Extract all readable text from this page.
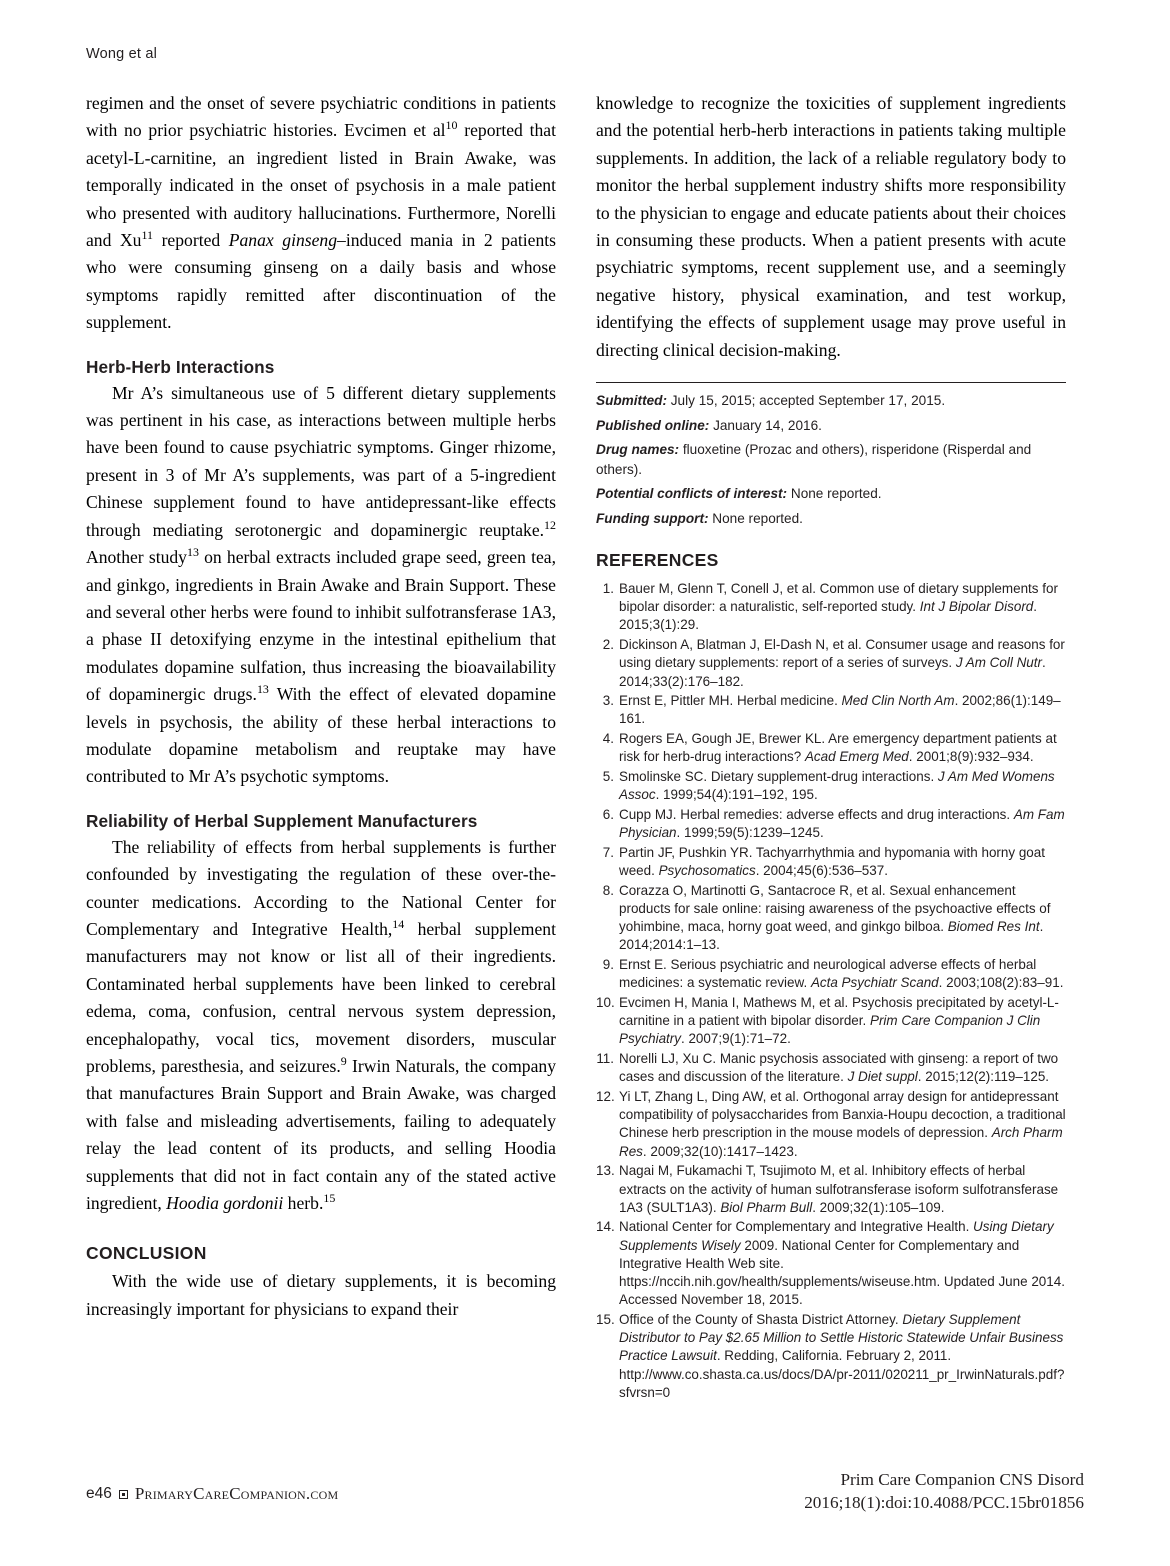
Wong et al

regimen and the onset of severe psychiatric conditions in patients with no prior psychiatric histories. Evcimen et $al^{10}$ reported that acetyl-L-carnitine, an ingredient listed in Brain Awake, was temporally indicated in the onset of psychosis in a male patient who presented with auditory hallucinations. Furthermore, Norelli and Xu$^{11}$ reported Panax ginseng–induced mania in 2 patients who were consuming ginseng on a daily basis and whose symptoms rapidly remitted after discontinuation of the supplement.

Herb-Herb Interactions

Mr A’s simultaneous use of 5 different dietary supplements was pertinent in his case, as interactions between multiple herbs have been found to cause psychiatric symptoms. Ginger rhizome, present in 3 of Mr A’s supplements, was part of a 5-ingredient Chinese supplement found to have antidepressant-like effects through mediating serotonergic and dopaminergic reuptake.$^{12}$ Another study$^{13}$ on herbal extracts included grape seed, green tea, and ginkgo, ingredients in Brain Awake and Brain Support. These and several other herbs were found to inhibit sulfotransferase 1A3, a phase II detoxifying enzyme in the intestinal epithelium that modulates dopamine sulfation, thus increasing the bioavailability of dopaminergic drugs.$^{13}$ With the effect of elevated dopamine levels in psychosis, the ability of these herbal interactions to modulate dopamine metabolism and reuptake may have contributed to Mr A’s psychotic symptoms.

Reliability of Herbal Supplement Manufacturers

The reliability of effects from herbal supplements is further confounded by investigating the regulation of these over-the-counter medications. According to the National Center for Complementary and Integrative Health,$^{14}$ herbal supplement manufacturers may not know or list all of their ingredients. Contaminated herbal supplements have been linked to cerebral edema, coma, confusion, central nervous system depression, encephalopathy, vocal tics, movement disorders, muscular problems, paresthesia, and seizures.$^9$ Irwin Naturals, the company that manufactures Brain Support and Brain Awake, was charged with false and misleading advertisements, failing to adequately relay the lead content of its products, and selling Hoodia supplements that did not in fact contain any of the stated active ingredient, Hoodia gordonii herb.$^{15}$

CONCLUSION

With the wide use of dietary supplements, it is becoming increasingly important for physicians to expand their

knowledge to recognize the toxicities of supplement ingredients and the potential herb-herb interactions in patients taking multiple supplements. In addition, the lack of a reliable regulatory body to monitor the herbal supplement industry shifts more responsibility to the physician to engage and educate patients about their choices in consuming these products. When a patient presents with acute psychiatric symptoms, recent supplement use, and a seemingly negative history, physical examination, and test workup, identifying the effects of supplement usage may prove useful in directing clinical decision-making.

Submitted: July 15, 2015; accepted September 17, 2015.

Published online: January 14, 2016.

Drug names: fluoxetine (Prozac and others), risperidone (Risperdal and others).

Potential conflicts of interest: None reported.

Funding support: None reported.

REFERENCES
1. Bauer M, Glenn T, Conell J, et al. Common use of dietary supplements for bipolar disorder: a naturalistic, self-reported study. Int J Bipolar Disord. 2015;3(1):29.
2. Dickinson A, Blatman J, El-Dash N, et al. Consumer usage and reasons for using dietary supplements: report of a series of surveys. J Am Coll Nutr. 2014;33(2):176–182.
3. Ernst E, Pittler MH. Herbal medicine. Med Clin North Am. 2002;86(1):149–161.
4. Rogers EA, Gough JE, Brewer KL. Are emergency department patients at risk for herb-drug interactions? Acad Emerg Med. 2001;8(9):932–934.
5. Smolinske SC. Dietary supplement-drug interactions. J Am Med Womens Assoc. 1999;54(4):191–192, 195.
6. Cupp MJ. Herbal remedies: adverse effects and drug interactions. Am Fam Physician. 1999;59(5):1239–1245.
7. Partin JF, Pushkin YR. Tachyarrhythmia and hypomania with horny goat weed. Psychosomatics. 2004;45(6):536–537.
8. Corazza O, Martinotti G, Santacroce R, et al. Sexual enhancement products for sale online: raising awareness of the psychoactive effects of yohimbine, maca, horny goat weed, and ginkgo bilboa. Biomed Res Int. 2014;2014:1–13.
9. Ernst E. Serious psychiatric and neurological adverse effects of herbal medicines: a systematic review. Acta Psychiatr Scand. 2003;108(2):83–91.
10. Evcimen H, Mania I, Mathews M, et al. Psychosis precipitated by acetyl-L-carnitine in a patient with bipolar disorder. Prim Care Companion J Clin Psychiatry. 2007;9(1):71–72.
11. Norelli LJ, Xu C. Manic psychosis associated with ginseng: a report of two cases and discussion of the literature. J Diet suppl. 2015;12(2):119–125.
12. Yi LT, Zhang L, Ding AW, et al. Orthogonal array design for antidepressant compatibility of polysaccharides from Banxia-Houpu decoction, a traditional Chinese herb prescription in the mouse models of depression. Arch Pharm Res. 2009;32(10):1417–1423.
13. Nagai M, Fukamachi T, Tsujimoto M, et al. Inhibitory effects of herbal extracts on the activity of human sulfotransferase isoform sulfotransferase 1A3 (SULT1A3). Biol Pharm Bull. 2009;32(1):105–109.
14. National Center for Complementary and Integrative Health. Using Dietary Supplements Wisely 2009. National Center for Complementary and Integrative Health Web site. https://nccih.nih.gov/health/supplements/wiseuse.htm. Updated June 2014. Accessed November 18, 2015.
15. Office of the County of Shasta District Attorney. Dietary Supplement Distributor to Pay $2.65 Million to Settle Historic Statewide Unfair Business Practice Lawsuit. Redding, California. February 2, 2011. http://www.co.shasta.ca.us/docs/DA/pr-2011/020211_pr_IrwinNaturals.pdf?sfvrsn=0
e46 PrimaryCareCompanion.com
Prim Care Companion CNS Disord
2016;18(1):doi:10.4088/PCC.15br01856
